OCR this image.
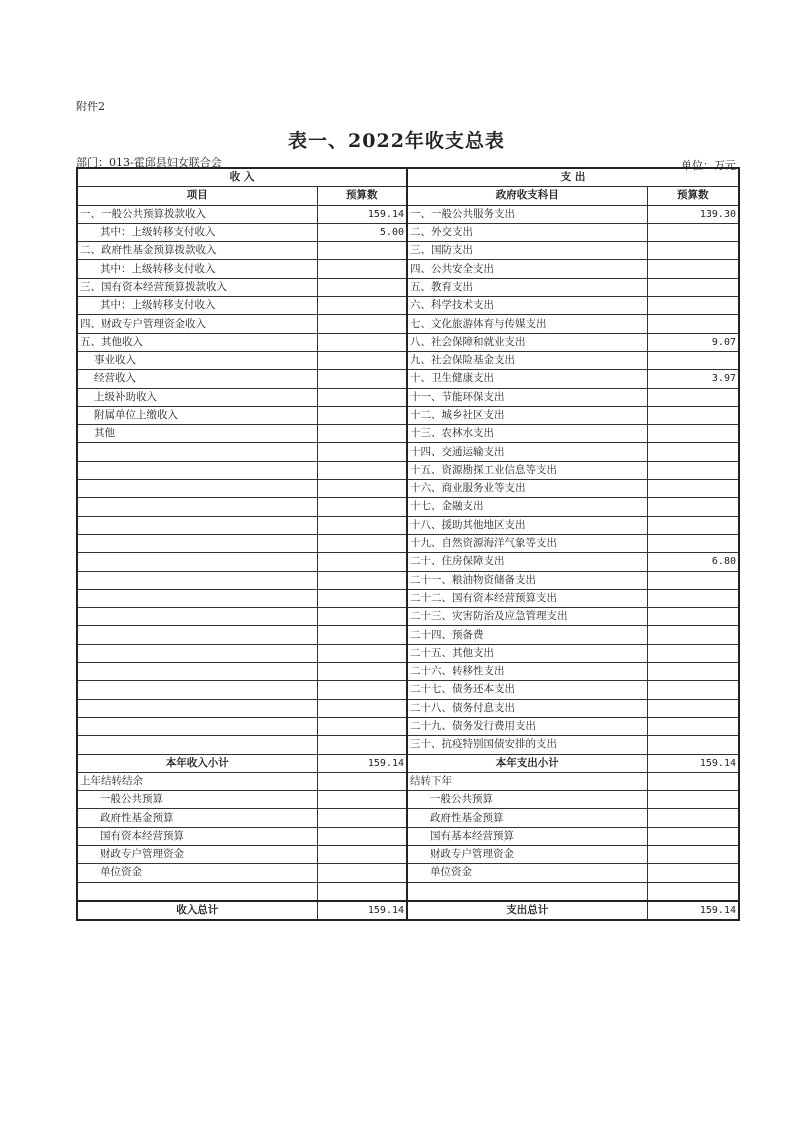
附件2
表一、2022年收支总表
部门：013-霍邱县妇女联合会	单位：万元
收 入		支 出	
项目	预算数	政府收支科目	预算数
一、一般公共预算拨款收入	159.14	一、一般公共服务支出	139.30
其中：上级转移支付收入	5.00	二、外交支出	
二、政府性基金预算拨款收入		三、国防支出	
其中：上级转移支付收入		四、公共安全支出	
三、国有资本经营预算拨款收入		五、教育支出	
其中：上级转移支付收入		六、科学技术支出	
四、财政专户管理资金收入		七、文化旅游体育与传媒支出	
五、其他收入		八、社会保障和就业支出	9.07
事业收入		九、社会保险基金支出	
经营收入		十、卫生健康支出	3.97
上级补助收入		十一、节能环保支出	
附属单位上缴收入		十二、城乡社区支出	
其他		十三、农林水支出	
		十四、交通运输支出	
		十五、资源勘探工业信息等支出	
		十六、商业服务业等支出	
		十七、金融支出	
		十八、援助其他地区支出	
		十九、自然资源海洋气象等支出	
		二十、住房保障支出	6.80
		二十一、粮油物资储备支出	
		二十二、国有资本经营预算支出	
		二十三、灾害防治及应急管理支出	
		二十四、预备费	
		二十五、其他支出	
		二十六、转移性支出	
		二十七、债务还本支出	
		二十八、债务付息支出	
		二十九、债务发行费用支出	
		三十、抗疫特别国债安排的支出	
本年收入小计	159.14	本年支出小计	159.14
上年结转结余		结转下年	
一般公共预算		一般公共预算	
政府性基金预算		政府性基金预算	
国有资本经营预算		国有基本经营预算	
财政专户管理资金		财政专户管理资金	
单位资金		单位资金	

收入总计	159.14	支出总计	159.14
